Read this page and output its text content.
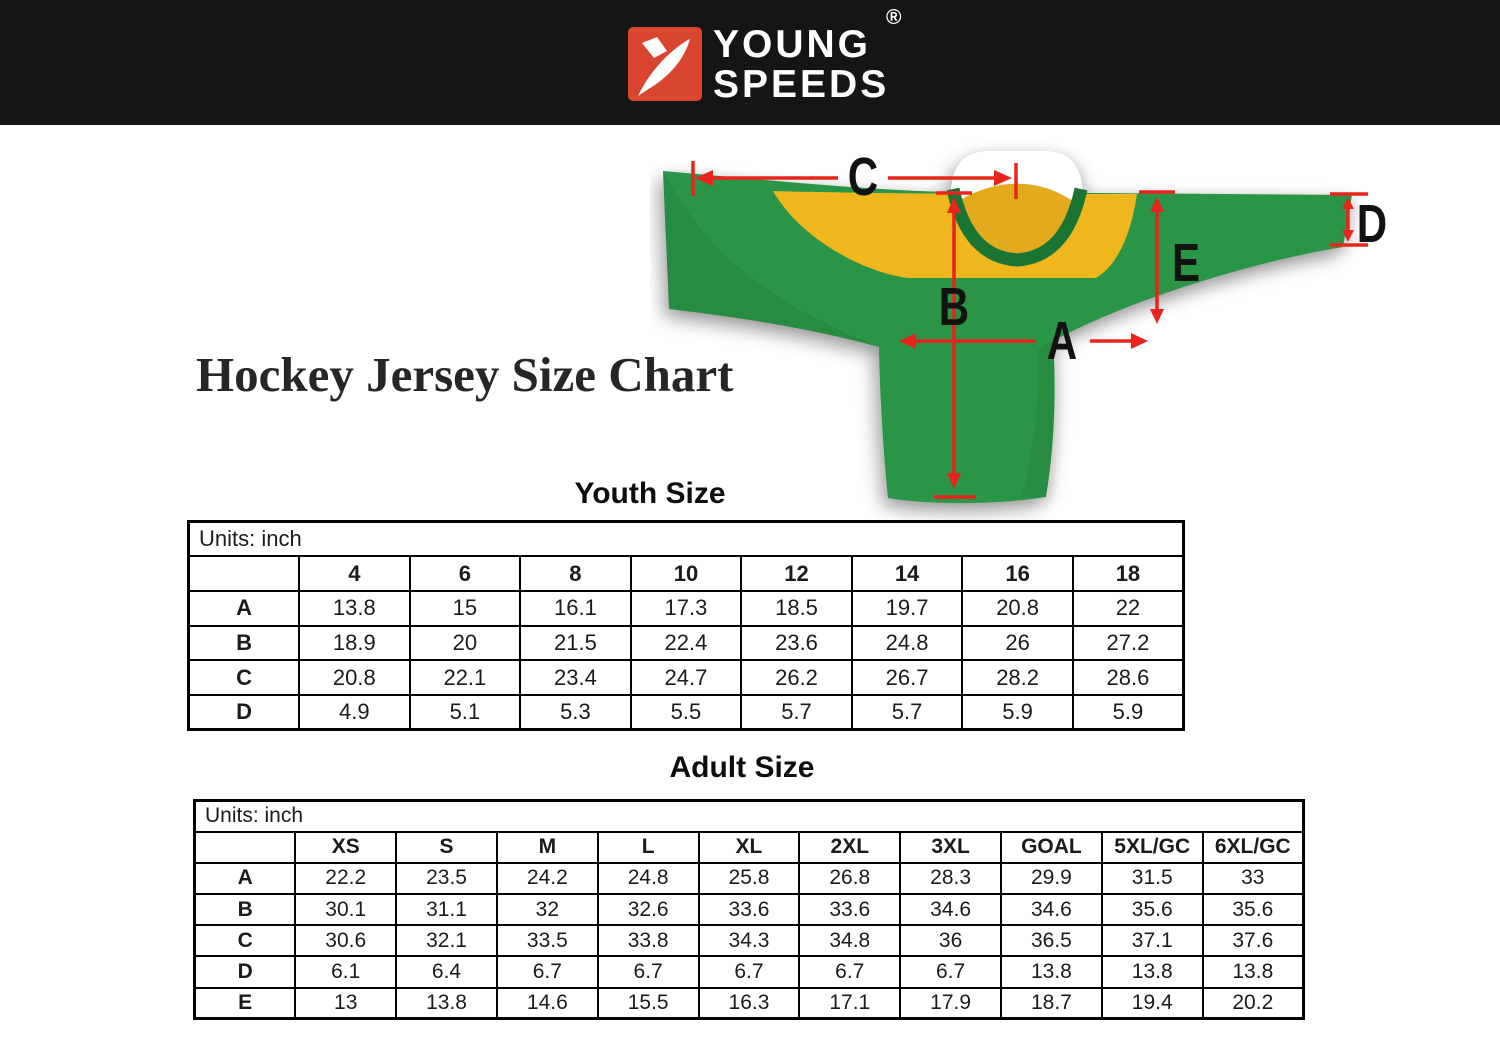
YOUNG
SPEEDS
®
C
B
A
E
D
Hockey Jersey Size Chart
Youth Size
Units: inch								
	4	6	8	10	12	14	16	18
A	13.8	15	16.1	17.3	18.5	19.7	20.8	22
B	18.9	20	21.5	22.4	23.6	24.8	26	27.2
C	20.8	22.1	23.4	24.7	26.2	26.7	28.2	28.6
D	4.9	5.1	5.3	5.5	5.7	5.7	5.9	5.9
Adult Size
Units: inch										
	XS	S	M	L	XL	2XL	3XL	GOAL	5XL/GC	6XL/GC
A	22.2	23.5	24.2	24.8	25.8	26.8	28.3	29.9	31.5	33
B	30.1	31.1	32	32.6	33.6	33.6	34.6	34.6	35.6	35.6
C	30.6	32.1	33.5	33.8	34.3	34.8	36	36.5	37.1	37.6
D	6.1	6.4	6.7	6.7	6.7	6.7	6.7	13.8	13.8	13.8
E	13	13.8	14.6	15.5	16.3	17.1	17.9	18.7	19.4	20.2
